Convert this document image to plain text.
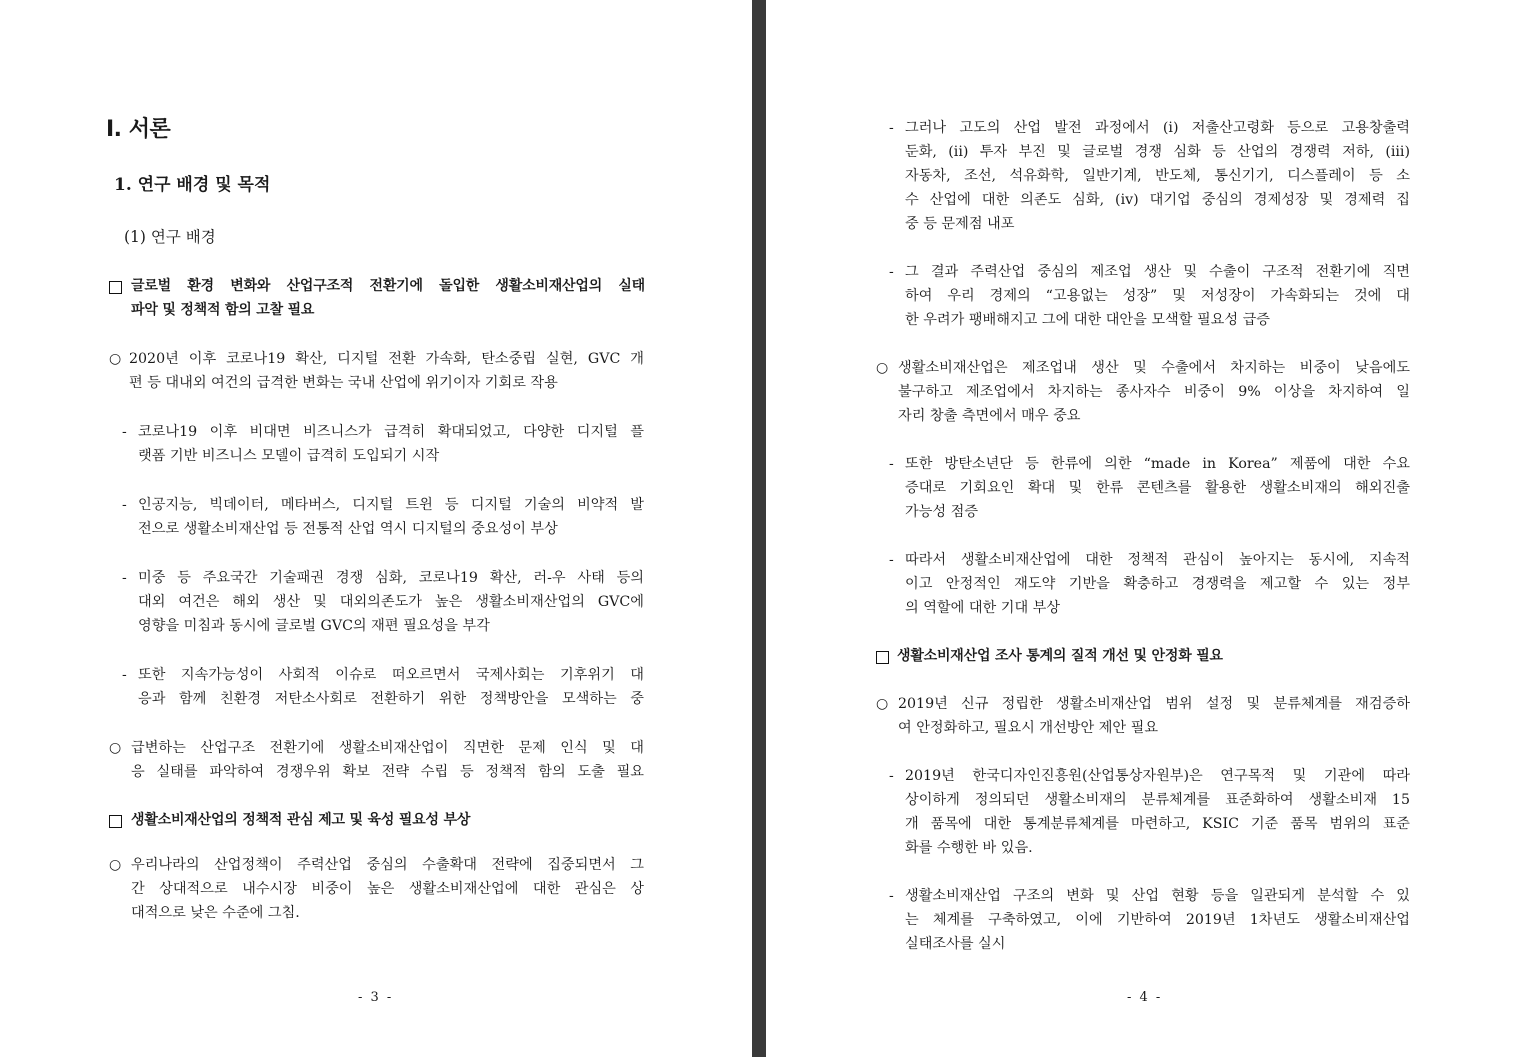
I. 서론
1. 연구 배경 및 목적
(1) 연구 배경
글로벌 환경 변화와 산업구조적 전환기에 돌입한 생활소비재산업의 실태
파악 및 정책적 함의 고찰 필요
○ 2020년 이후 코로나19 확산, 디지털 전환 가속화, 탄소중립 실현, GVC 개
편 등 대내외 여건의 급격한 변화는 국내 산업에 위기이자 기회로 작용
- 코로나19 이후 비대면 비즈니스가 급격히 확대되었고, 다양한 디지털 플
랫폼 기반 비즈니스 모델이 급격히 도입되기 시작
- 인공지능, 빅데이터, 메타버스, 디지털 트윈 등 디지털 기술의 비약적 발
전으로 생활소비재산업 등 전통적 산업 역시 디지털의 중요성이 부상
- 미중 등 주요국간 기술패권 경쟁 심화, 코로나19 확산, 러-우 사태 등의
대외 여건은 해외 생산 및 대외의존도가 높은 생활소비재산업의 GVC에
영향을 미침과 동시에 글로벌 GVC의 재편 필요성을 부각
- 또한 지속가능성이 사회적 이슈로 떠오르면서 국제사회는 기후위기 대
응과 함께 친환경 저탄소사회로 전환하기 위한 정책방안을 모색하는 중
○ 급변하는 산업구조 전환기에 생활소비재산업이 직면한 문제 인식 및 대
응 실태를 파악하여 경쟁우위 확보 전략 수립 등 정책적 함의 도출 필요
생활소비재산업의 정책적 관심 제고 및 육성 필요성 부상
○ 우리나라의 산업정책이 주력산업 중심의 수출확대 전략에 집중되면서 그
간 상대적으로 내수시장 비중이 높은 생활소비재산업에 대한 관심은 상
대적으로 낮은 수준에 그침.
- 3 -
- 그러나 고도의 산업 발전 과정에서 (i) 저출산고령화 등으로 고용창출력
둔화, (ii) 투자 부진 및 글로벌 경쟁 심화 등 산업의 경쟁력 저하, (iii)
자동차, 조선, 석유화학, 일반기계, 반도체, 통신기기, 디스플레이 등 소
수 산업에 대한 의존도 심화, (iv) 대기업 중심의 경제성장 및 경제력 집
중 등 문제점 내포
- 그 결과 주력산업 중심의 제조업 생산 및 수출이 구조적 전환기에 직면
하여 우리 경제의 “고용없는 성장” 및 저성장이 가속화되는 것에 대
한 우려가 팽배해지고 그에 대한 대안을 모색할 필요성 급증
○ 생활소비재산업은 제조업내 생산 및 수출에서 차지하는 비중이 낮음에도
불구하고 제조업에서 차지하는 종사자수 비중이 9% 이상을 차지하여 일
자리 창출 측면에서 매우 중요
- 또한 방탄소년단 등 한류에 의한 “made in Korea” 제품에 대한 수요
증대로 기회요인 확대 및 한류 콘텐츠를 활용한 생활소비재의 해외진출
가능성 점증
- 따라서 생활소비재산업에 대한 정책적 관심이 높아지는 동시에, 지속적
이고 안정적인 재도약 기반을 확충하고 경쟁력을 제고할 수 있는 정부
의 역할에 대한 기대 부상
생활소비재산업 조사 통계의 질적 개선 및 안정화 필요
○ 2019년 신규 정립한 생활소비재산업 범위 설정 및 분류체계를 재검증하
여 안정화하고, 필요시 개선방안 제안 필요
- 2019년 한국디자인진흥원(산업통상자원부)은 연구목적 및 기관에 따라
상이하게 정의되던 생활소비재의 분류체계를 표준화하여 생활소비재 15
개 품목에 대한 통계분류체계를 마련하고, KSIC 기준 품목 범위의 표준
화를 수행한 바 있음.
- 생활소비재산업 구조의 변화 및 산업 현황 등을 일관되게 분석할 수 있
는 체계를 구축하였고, 이에 기반하여 2019년 1차년도 생활소비재산업
실태조사를 실시
- 4 -
